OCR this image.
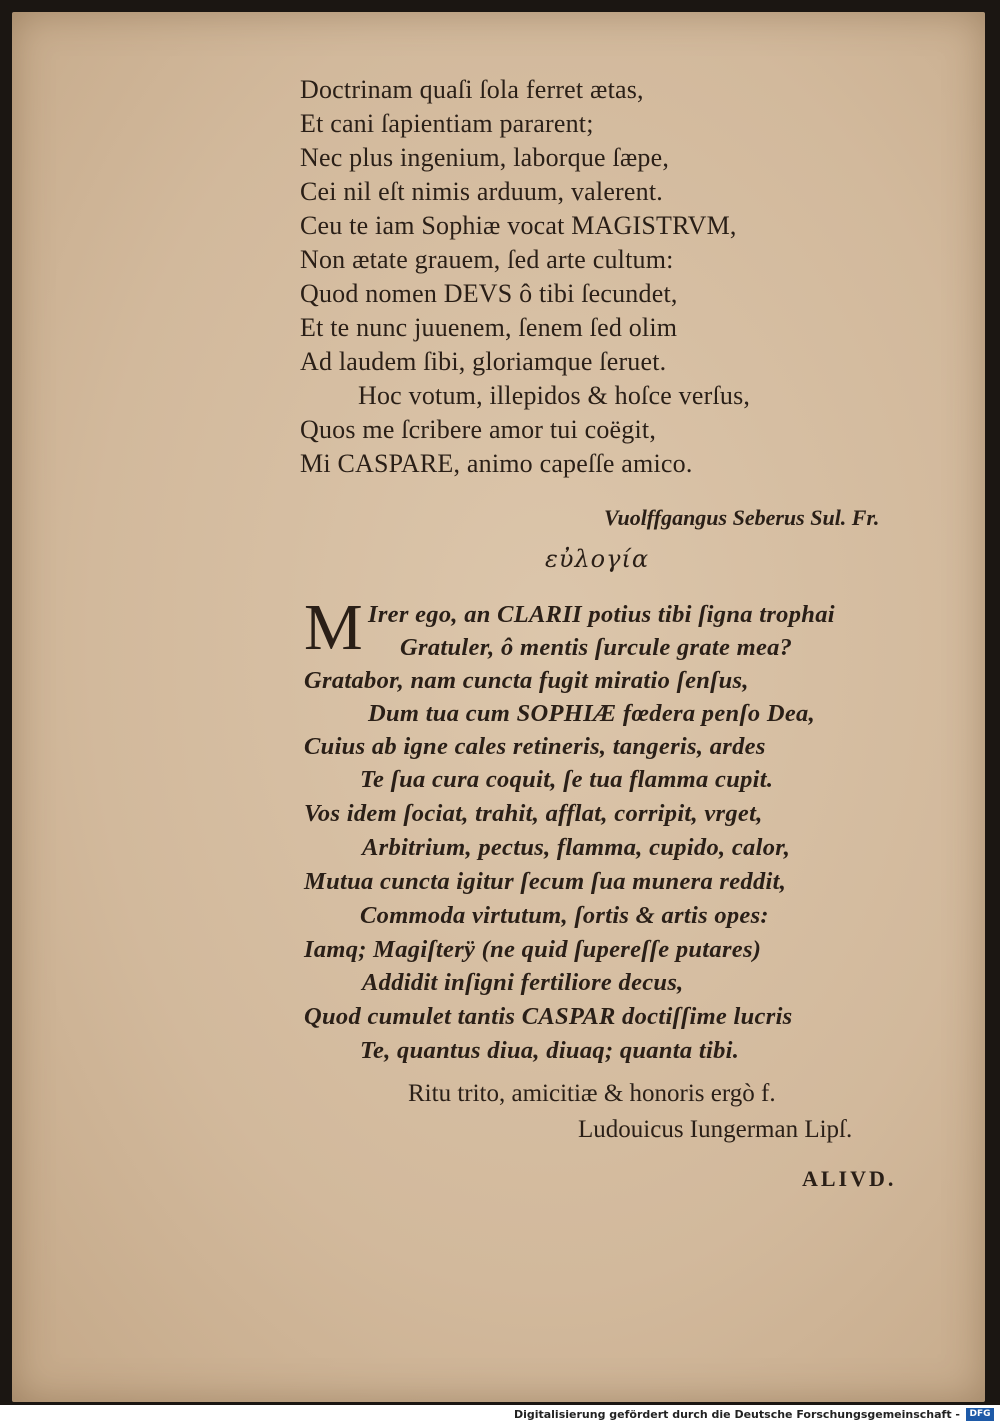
Doctrinam quaſi ſola ferret ætas,
Et cani ſapientiam pararent;
Nec plus ingenium, laborque ſæpe,
Cei nil eſt nimis arduum, valerent.
Ceu te iam Sophiæ vocat MAGISTRVM,
Non ætate grauem, ſed arte cultum:
Quod nomen DEVS ô tibi ſecundet,
Et te nunc juuenem, ſenem ſed olim
Ad laudem ſibi, gloriamque ſeruet.
Hoc votum, illepidos & hoſce verſus,
Quos me ſcribere amor tui coëgit,
Mi CASPARE, animo capeſſe amico.
Vuolffgangus Seberus Sul. Fr.
εὐλογία
M Irer ego, an CLARII potius tibi ſigna trophai
Gratuler, ô mentis ſurcule grate mea?
Gratabor, nam cuncta fugit miratio ſenſus,
Dum tua cum SOPHIÆ fœdera penſo Dea,
Cuius ab igne cales retineris, tangeris, ardes
Te ſua cura coquit, ſe tua flamma cupit.
Vos idem ſociat, trahit, afflat, corripit, vrget,
Arbitrium, pectus, flamma, cupido, calor,
Mutua cuncta igitur ſecum ſua munera reddit,
Commoda virtutum, ſortis & artis opes:
Iamq; Magiſterÿ (ne quid ſupereſſe putares)
Addidit inſigni fertiliore decus,
Quod cumulet tantis CASPAR doctiſſime lucris
Te, quantus diua, diuaq; quanta tibi.
Ritu trito, amicitiæ & honoris ergò f.
Ludouicus Iungerman Lipſ.
ALIVD.
Digitalisierung gefördert durch die Deutsche Forschungsgemeinschaft -	DFG
